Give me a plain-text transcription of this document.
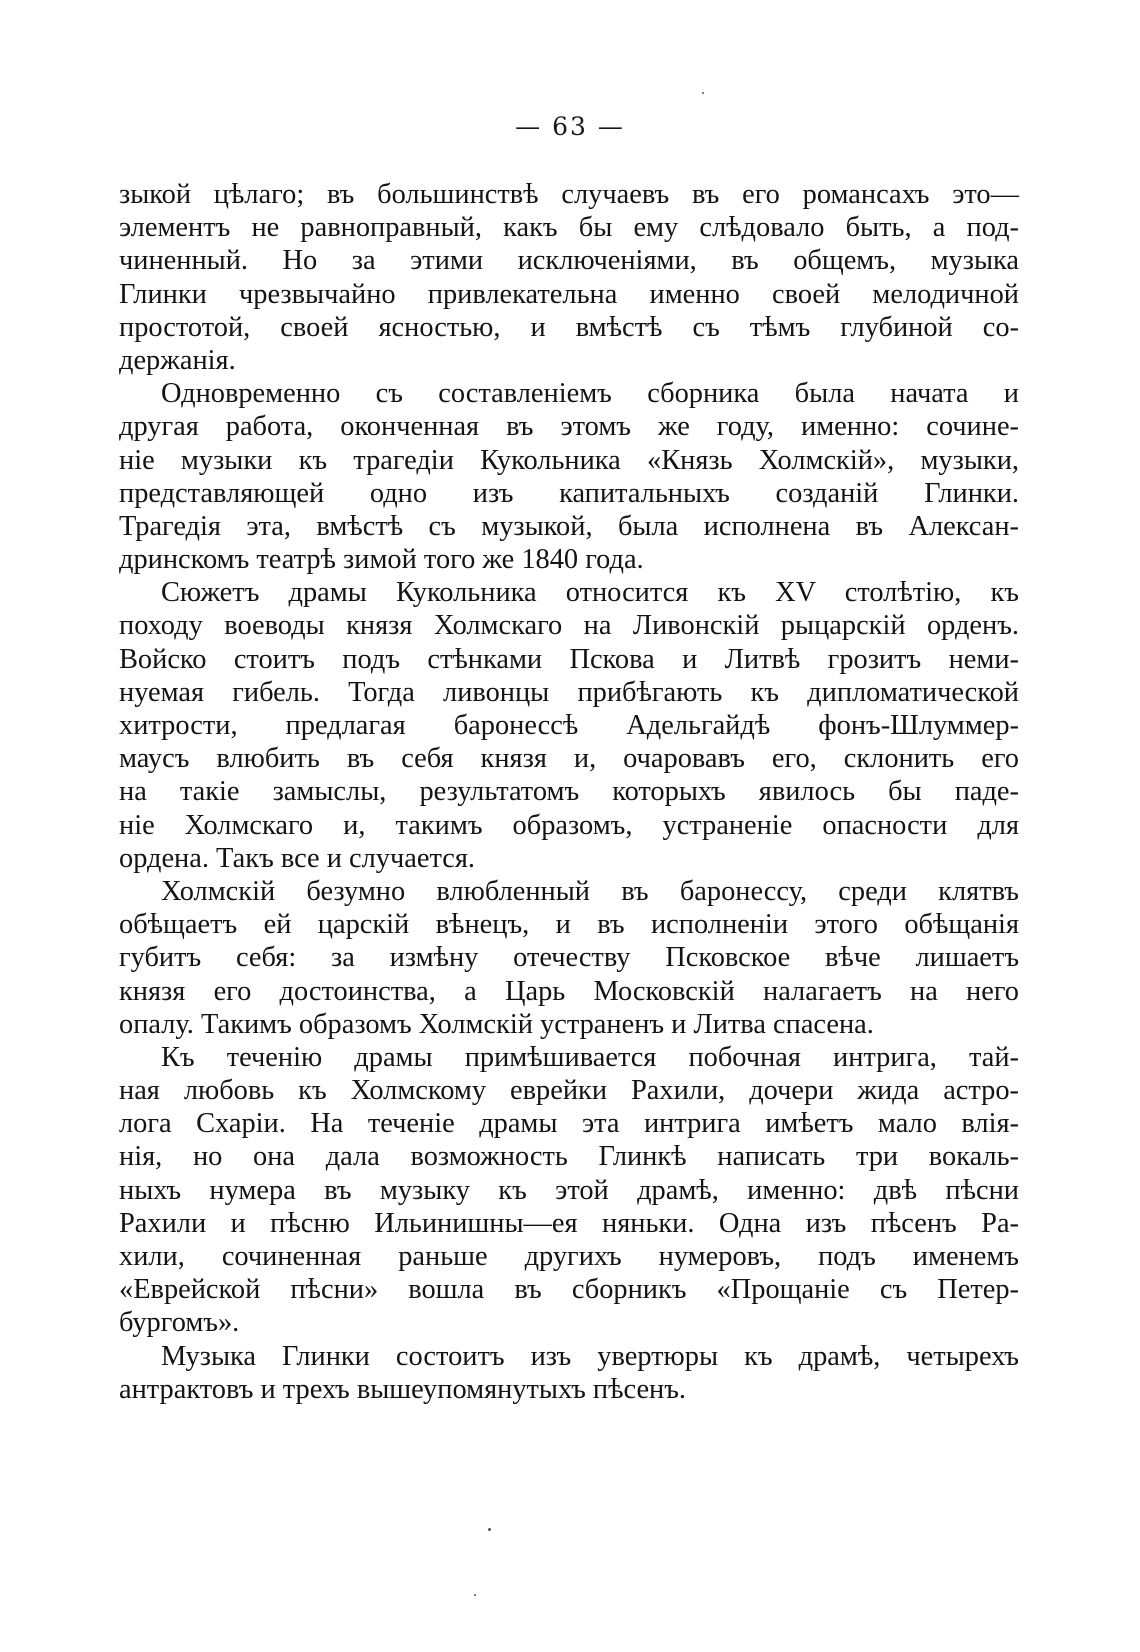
— 63 —
зыкой цѣлаго; въ большинствѣ случаевъ въ его романсахъ это—
элементъ не равноправный, какъ бы ему слѣдовало быть, а под-
чиненный. Но за этими исключеніями, въ общемъ, музыка
Глинки чрезвычайно привлекательна именно своей мелодичной
простотой, своей ясностью, и вмѣстѣ съ тѣмъ глубиной со-
держанія.
Одновременно съ составленіемъ сборника была начата и
другая работа, оконченная въ этомъ же году, именно: сочине-
ніе музыки къ трагедіи Кукольника «Князь Холмскій», музыки,
представляющей одно изъ капитальныхъ созданій Глинки.
Трагедія эта, вмѣстѣ съ музыкой, была исполнена въ Алексан-
дринскомъ театрѣ зимой того же 1840 года.
Сюжетъ драмы Кукольника относится къ XV столѣтію, къ
походу воеводы князя Холмскаго на Ливонскій рыцарскій орденъ.
Войско стоитъ подъ стѣнками Пскова и Литвѣ грозитъ неми-
нуемая гибель. Тогда ливонцы прибѣгають къ дипломатической
хитрости, предлагая баронессѣ Адельгайдѣ фонъ-Шлуммер-
маусъ влюбить въ себя князя и, очаровавъ его, склонить его
на такіе замыслы, результатомъ которыхъ явилось бы паде-
ніе Холмскаго и, такимъ образомъ, устраненіе опасности для
ордена. Такъ все и случается.
Холмскій безумно влюбленный въ баронессу, среди клятвъ
обѣщаетъ ей царскій вѣнецъ, и въ исполненіи этого обѣщанія
губитъ себя: за измѣну отечеству Псковское вѣче лишаетъ
князя его достоинства, а Царь Московскій налагаетъ на него
опалу. Такимъ образомъ Холмскій устраненъ и Литва спасена.
Къ теченію драмы примѣшивается побочная интрига, тай-
ная любовь къ Холмскому еврейки Рахили, дочери жида астро-
лога Схаріи. На теченіе драмы эта интрига имѣетъ мало влія-
нія, но она дала возможность Глинкѣ написать три вокаль-
ныхъ нумера въ музыку къ этой драмѣ, именно: двѣ пѣсни
Рахили и пѣсню Ильинишны—ея няньки. Одна изъ пѣсенъ Ра-
хили, сочиненная раньше другихъ нумеровъ, подъ именемъ
«Еврейской пѣсни» вошла въ сборникъ «Прощаніе съ Петер-
бургомъ».
Музыка Глинки состоитъ изъ увертюры къ драмѣ, четырехъ
антрактовъ и трехъ вышеупомянутыхъ пѣсенъ.
